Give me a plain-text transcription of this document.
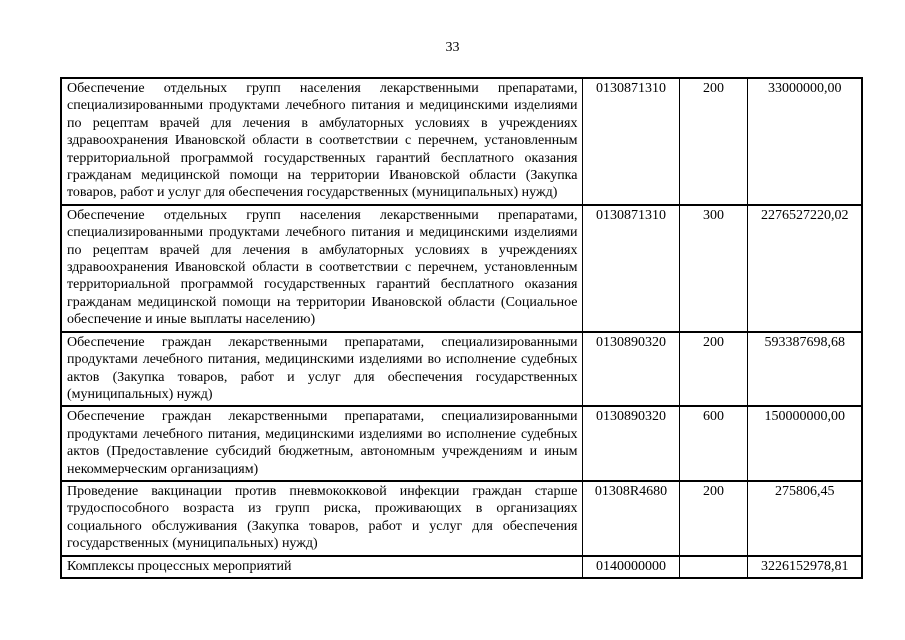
33
Обеспечение отдельных групп населения лекарственными препаратами, специализированными продуктами лечебного питания и медицинскими изделиями по рецептам врачей для лечения в амбулаторных условиях в учреждениях здравоохранения Ивановской области в соответствии с перечнем, установленным территориальной программой государственных гарантий бесплатного оказания гражданам медицинской помощи на территории Ивановской области (Закупка товаров, работ и услуг для обеспечения государственных (муниципальных) нужд)	0130871310	200	33000000,00
Обеспечение отдельных групп населения лекарственными препаратами, специализированными продуктами лечебного питания и медицинскими изделиями по рецептам врачей для лечения в амбулаторных условиях в учреждениях здравоохранения Ивановской области в соответствии с перечнем, установленным территориальной программой государственных гарантий бесплатного оказания гражданам медицинской помощи на территории Ивановской области (Социальное обеспечение и иные выплаты населению)	0130871310	300	2276527220,02
Обеспечение граждан лекарственными препаратами, специализированными продуктами лечебного питания, медицинскими изделиями во исполнение судебных актов (Закупка товаров, работ и услуг для обеспечения государственных (муниципальных) нужд)	0130890320	200	593387698,68
Обеспечение граждан лекарственными препаратами, специализированными продуктами лечебного питания, медицинскими изделиями во исполнение судебных актов (Предоставление субсидий бюджетным, автономным учреждениям и иным некоммерческим организациям)	0130890320	600	150000000,00
Проведение вакцинации против пневмококковой инфекции граждан старше трудоспособного возраста из групп риска, проживающих в организациях социального обслуживания (Закупка товаров, работ и услуг для обеспечения государственных (муниципальных) нужд)	01308R4680	200	275806,45
Комплексы процессных мероприятий	0140000000		3226152978,81
